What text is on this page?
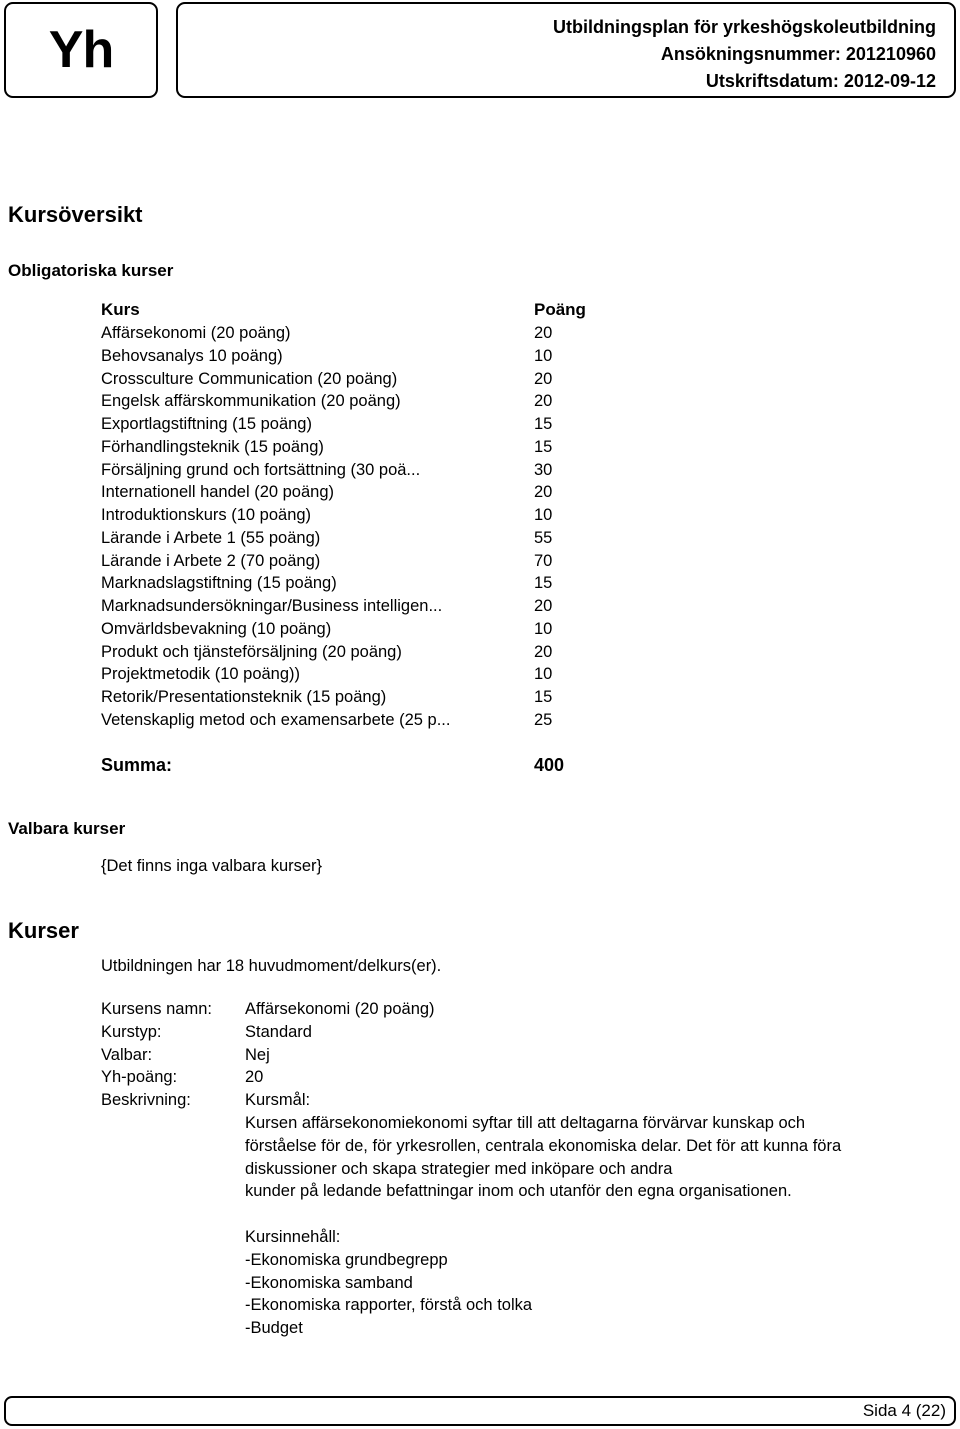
Yh	Utbildningsplan för yrkeshögskoleutbildning
Ansökningsnummer: 201210960
Utskriftsdatum: 2012-09-12
Kursöversikt
Obligatoriska kurser
Kurs	Poäng
Affärsekonomi (20 poäng)	20
Behovsanalys 10 poäng)	10
Crossculture Communication (20 poäng)	20
Engelsk affärskommunikation (20 poäng)	20
Exportlagstiftning (15 poäng)	15
Förhandlingsteknik (15 poäng)	15
Försäljning grund och fortsättning (30 poä...	30
Internationell handel (20 poäng)	20
Introduktionskurs (10 poäng)	10
Lärande i Arbete 1 (55 poäng)	55
Lärande i Arbete 2 (70 poäng)	70
Marknadslagstiftning (15 poäng)	15
Marknadsundersökningar/Business intelligen...	20
Omvärldsbevakning (10 poäng)	10
Produkt och tjänsteförsäljning (20 poäng)	20
Projektmetodik (10 poäng))	10
Retorik/Presentationsteknik (15 poäng)	15
Vetenskaplig metod och examensarbete (25 p...	25
Summa:	400
Valbara kurser
{Det finns inga valbara kurser}
Kurser
Utbildningen har 18 huvudmoment/delkurs(er).
Kursens namn:	Affärsekonomi (20 poäng)
Kurstyp:	Standard
Valbar:	Nej
Yh-poäng:	20
Beskrivning:	Kursmål:
Kursen affärsekonomiekonomi syftar till att deltagarna förvärvar kunskap och
förståelse för de, för yrkesrollen, centrala ekonomiska delar. Det för att kunna föra
diskussioner och skapa strategier med inköpare och andra
kunder på ledande befattningar inom och utanför den egna organisationen.
Kursinnehåll:
-Ekonomiska grundbegrepp
-Ekonomiska samband
-Ekonomiska rapporter, förstå och tolka
-Budget
Sida 4 (22)
